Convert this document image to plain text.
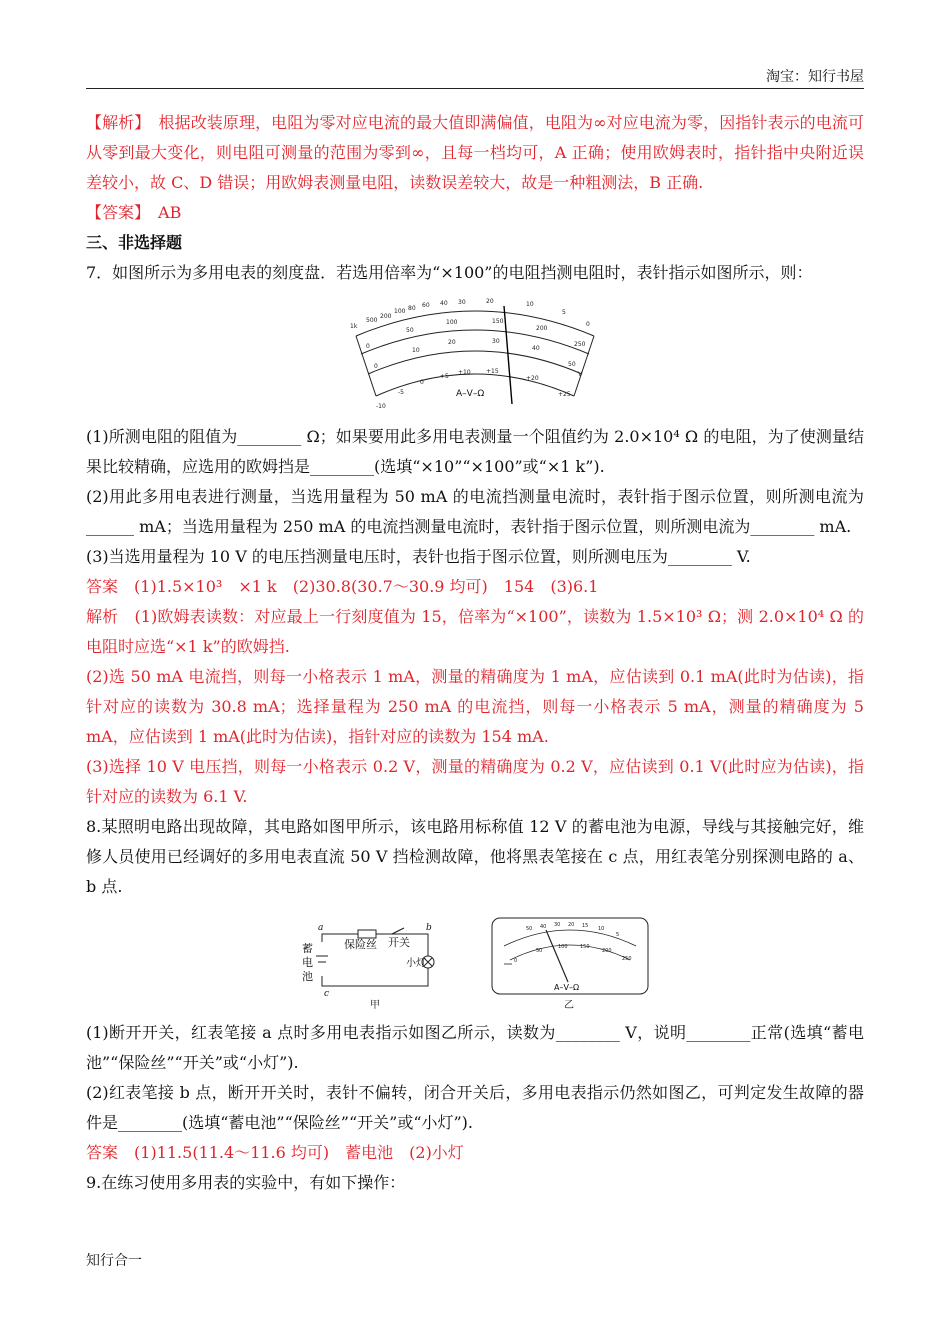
淘宝：知行书屋

【解析】　 根据改装原理，电阻为零对应电流的最大值即满偏值，电阻为∞对应电流为零，因指针表示的电流可从零到最大变化，则电阻可测量的范围为零到∞，且每一档均可，A 正确；使用欧姆表时，指针指中央附近误差较小，故 C、D 错误；用欧姆表测量电阻，读数误差较大，故是一种粗测法，B 正确.

【答案】　 AB

三、非选择题

7．如图所示为多用电表的刻度盘．若选用倍率为“×100”的电阻挡测电阻时，表针指示如图所示，则：

1k
500
200
100 80 60 40 30	20	10
5
0
0
50
100	150
200
250
0
10
20	30
40
50
V
-10
-5
0
+5
+10	+15
+20
+25
A–V–Ω

(1)所测电阻的阻值为________ Ω；如果要用此多用电表测量一个阻值约为 2.0×10⁴ Ω 的电阻，为了使测量结果比较精确，应选用的欧姆挡是________(选填“×10”“×100”或“×1 k”).

(2)用此多用电表进行测量，当选用量程为 50 mA 的电流挡测量电流时，表针指于图示位置，则所测电流为______ mA；当选用量程为 250 mA 的电流挡测量电流时，表针指于图示位置，则所测电流为________ mA.

(3)当选用量程为 10 V 的电压挡测量电压时，表针也指于图示位置，则所测电压为________ V.

答案　 (1)1.5×10³　×1 k　(2)30.8(30.7～30.9 均可)　154　(3)6.1

解析　 (1)欧姆表读数：对应最上一行刻度值为 15，倍率为“×100”，读数为 1.5×10³ Ω；测 2.0×10⁴ Ω 的电阻时应选“×1 k”的欧姆挡.

(2)选 50 mA 电流挡，则每一小格表示 1 mA，测量的精确度为 1 mA，应估读到 0.1 mA(此时为估读)，指针对应的读数为 30.8 mA；选择量程为 250 mA 的电流挡，则每一小格表示 5 mA，测量的精确度为 5 mA，应估读到 1 mA(此时为估读)，指针对应的读数为 154 mA.

(3)选择 10 V 电压挡，则每一小格表示 0.2 V，测量的精确度为 0.2 V，应估读到 0.1 V(此时应为估读)，指针对应的读数为 6.1 V.

8.某照明电路出现故障，其电路如图甲所示，该电路用标称值 12 V 的蓄电池为电源，导线与其接触完好，维修人员使用已经调好的多用电表直流 50 V 挡检测故障，他将黑表笔接在 c 点，用红表笔分别探测电路的 a、b 点.

a	b
c
保险丝 开关
小灯
甲
蓄
电
池
蓄电池
50 40 30 20 15 10
5
0
50
100 150
200
250
A–V–Ω
乙

(1)断开开关，红表笔接 a 点时多用电表指示如图乙所示，读数为________ V，说明________正常(选填“蓄电池”“保险丝”“开关”或“小灯”).

(2)红表笔接 b 点，断开开关时，表针不偏转，闭合开关后，多用电表指示仍然如图乙，可判定发生故障的器件是________(选填“蓄电池”“保险丝”“开关”或“小灯”).

答案　 (1)11.5(11.4～11.6 均可)　蓄电池　(2)小灯

9.在练习使用多用表的实验中，有如下操作：

知行合一
